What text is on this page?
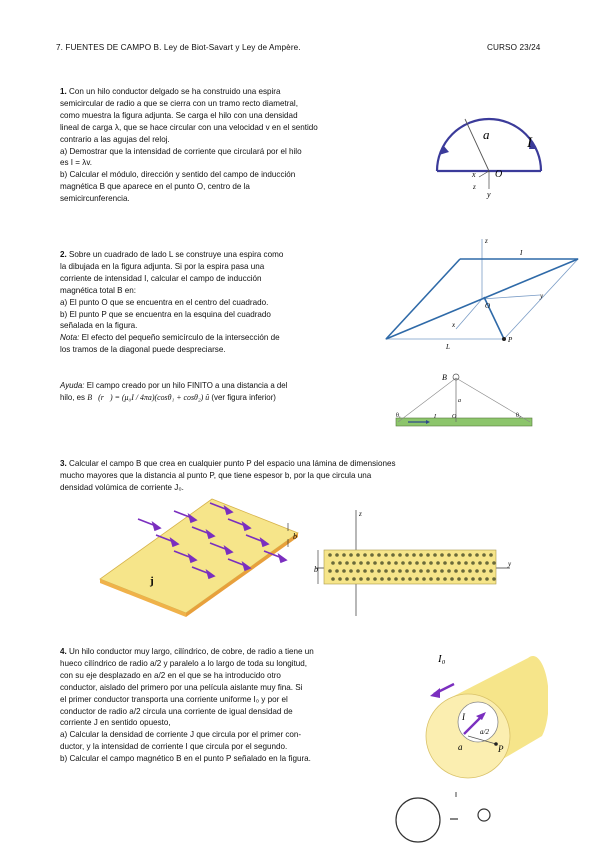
7. FUENTES DE CAMPO B. Ley de Biot-Savart y Ley de Ampère.	CURSO 23/24

1. Con un hilo conductor delgado se ha construido una espira

semicircular de radio a que se cierra con un tramo recto diametral,

como muestra la figura adjunta. Se carga el hilo con una densidad

lineal de carga λ, que se hace circular con una velocidad v en el sentido

contrario a las agujas del reloj.

a) Demostrar que la intensidad de corriente que circulará por el hilo

es I = λv.

b) Calcular el módulo, dirección y sentido del campo de inducción

magnética B que aparece en el punto O, centro de la

semicircunferencia.

a
I
x O
y
z

2. Sobre un cuadrado de lado L se construye una espira como

la dibujada en la figura adjunta. Si por la espira pasa una

corriente de intensidad I, calcular el campo de inducción

magnética total B en:

a) El punto O que se encuentra en el centro del cuadrado.

b) El punto P que se encuentra en la esquina del cuadrado

señalada en la figura.

Nota: El efecto del pequeño semicírculo de la intersección de

los tramos de la diagonal puede despreciarse.

Ayuda: El campo creado por un hilo FINITO a una distancia a del

hilo, es B⃗(r⃗) = (μ₀I / 4πa)(cosθ₁ + cosθ₂) û (ver figura inferior)

z
y
x
O
P
L
I
B
a
I	O
θ₁	θ₂

3. Calcular el campo B que crea en cualquier punto P del espacio una lámina de dimensiones

mucho mayores que la distancia al punto P, que tiene espesor b, por la que circula una

densidad volúmica de corriente J₀.

b
j
b
z
y

4. Un hilo conductor muy largo, cilíndrico, de cobre, de radio a tiene un

hueco cilíndrico de radio a/2 y paralelo a lo largo de toda su longitud,

con su eje desplazado en a/2 en el que se ha introducido otro

conductor, aislado del primero por una película aislante muy fina. Si

el primer conductor transporta una corriente uniforme I₀ y por el

conductor de radio a/2 circula una corriente de igual densidad de

corriente J en sentido opuesto,

a) Calcular la densidad de corriente J que circula por el primer con-

ductor, y la intensidad de corriente I que circula por el segundo.

b) Calcular el campo magnético B en el punto P señalado en la figura.

I₀
I
a/2
a	P
